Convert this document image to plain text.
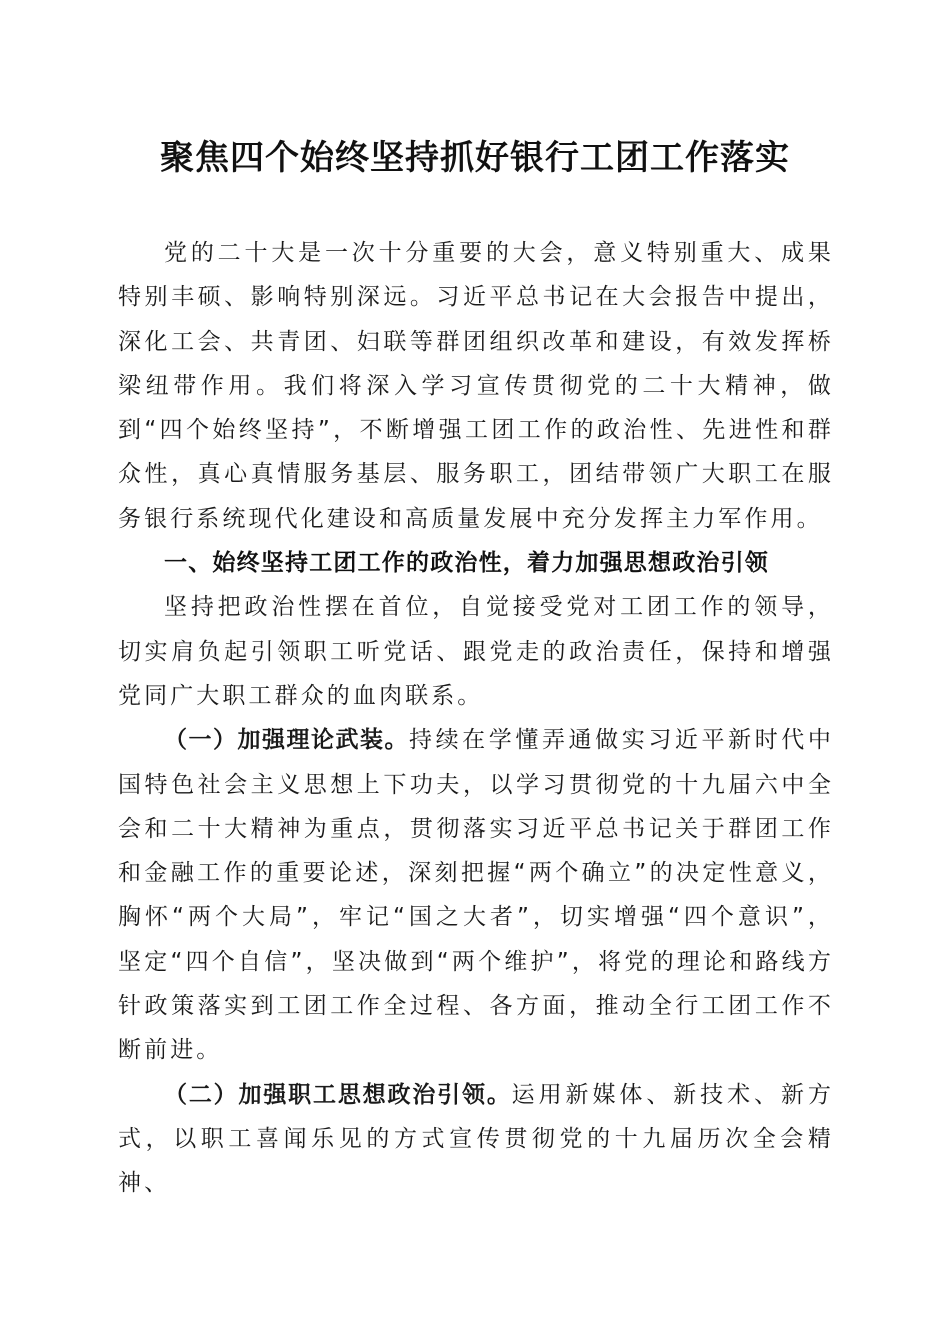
聚焦四个始终坚持抓好银行工团工作落实

党的二十大是一次十分重要的大会，意义特别重大、成果特别丰硕、影响特别深远。习近平总书记在大会报告中提出，深化工会、共青团、妇联等群团组织改革和建设，有效发挥桥梁纽带作用。我们将深入学习宣传贯彻党的二十大精神，做到“四个始终坚持”，不断增强工团工作的政治性、先进性和群众性，真心真情服务基层、服务职工，团结带领广大职工在服务银行系统现代化建设和高质量发展中充分发挥主力军作用。

一、始终坚持工团工作的政治性，着力加强思想政治引领

坚持把政治性摆在首位，自觉接受党对工团工作的领导，切实肩负起引领职工听党话、跟党走的政治责任，保持和增强党同广大职工群众的血肉联系。

（一）加强理论武装。持续在学懂弄通做实习近平新时代中国特色社会主义思想上下功夫，以学习贯彻党的十九届六中全会和二十大精神为重点，贯彻落实习近平总书记关于群团工作和金融工作的重要论述，深刻把握“两个确立”的决定性意义，胸怀“两个大局”，牢记“国之大者”，切实增强“四个意识”，坚定“四个自信”，坚决做到“两个维护”，将党的理论和路线方针政策落实到工团工作全过程、各方面，推动全行工团工作不断前进。

（二）加强职工思想政治引领。运用新媒体、新技术、新方式，以职工喜闻乐见的方式宣传贯彻党的十九届历次全会精神、
